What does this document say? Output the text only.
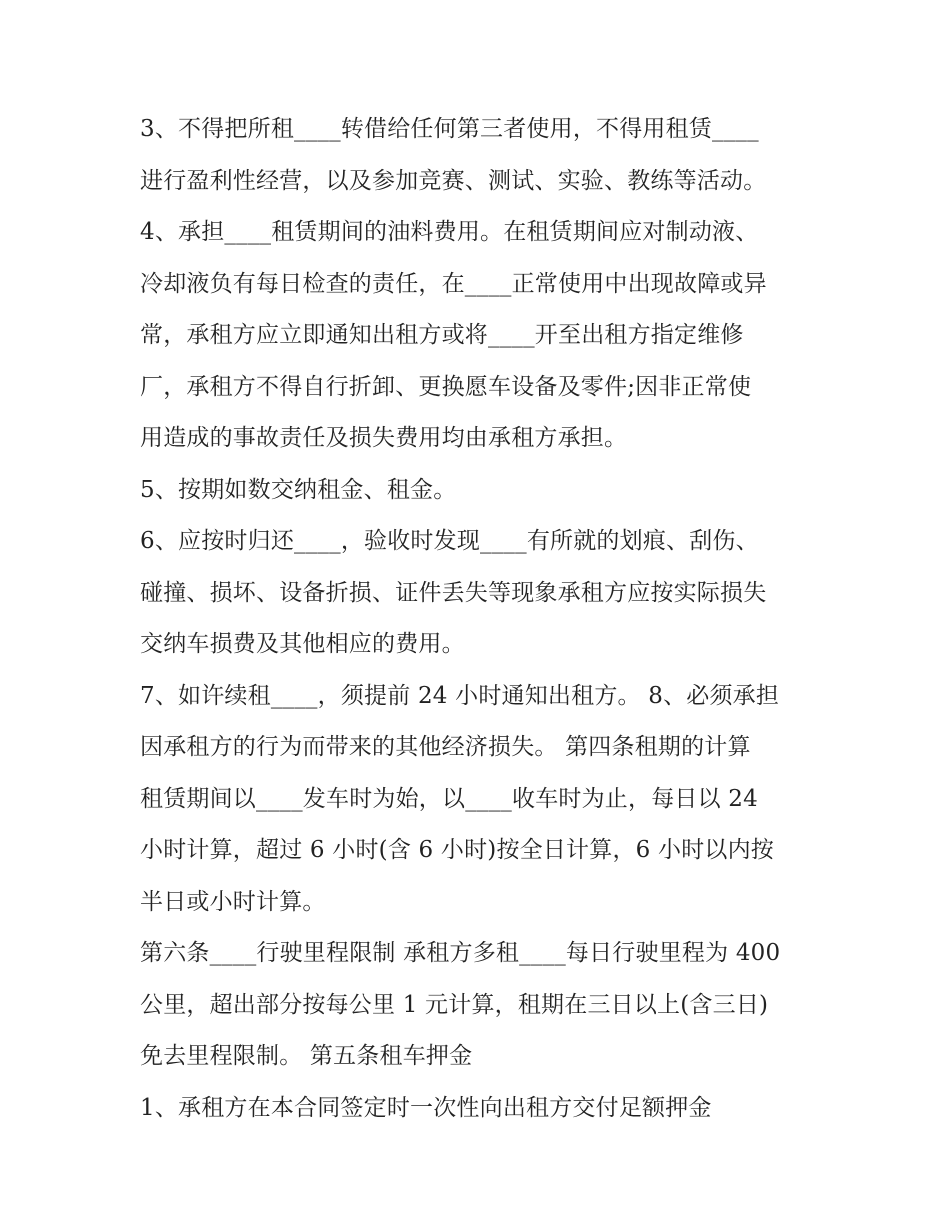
3、不得把所租____转借给任何第三者使用，不得用租赁____

进行盈利性经营，以及参加竞赛、测试、实验、教练等活动。

4、承担____租赁期间的油料费用。在租赁期间应对制动液、

冷却液负有每日检查的责任，在____正常使用中出现故障或异

常，承租方应立即通知出租方或将____开至出租方指定维修

厂，承租方不得自行折卸、更换愿车设备及零件;因非正常使

用造成的事故责任及损失费用均由承租方承担。

5、按期如数交纳租金、租金。

6、应按时归还____，验收时发现____有所就的划痕、刮伤、

碰撞、损坏、设备折损、证件丢失等现象承租方应按实际损失

交纳车损费及其他相应的费用。

7、如许续租____，须提前 24 小时通知出租方。 8、必须承担

因承租方的行为而带来的其他经济损失。 第四条租期的计算

租赁期间以____发车时为始，以____收车时为止，每日以 24

小时计算，超过 6 小时(含 6 小时)按全日计算，6 小时以内按

半日或小时计算。

第六条____行驶里程限制 承租方多租____每日行驶里程为 400

公里，超出部分按每公里 1 元计算，租期在三日以上(含三日)

免去里程限制。 第五条租车押金

1、承租方在本合同签定时一次性向出租方交付足额押金
